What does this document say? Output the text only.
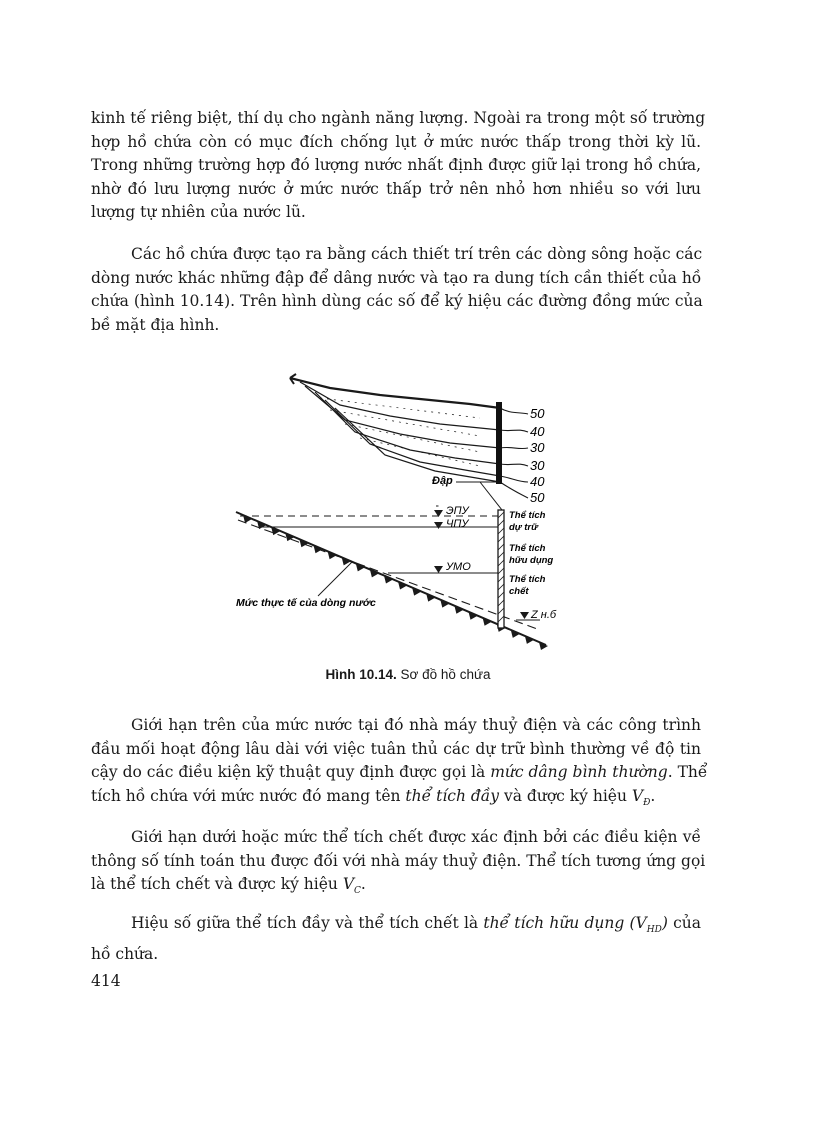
kinh tế riêng biệt, thí dụ cho ngành năng lượng. Ngoài ra trong một số trường
hợp hồ chứa còn có mục đích chống lụt ở mức nước thấp trong thời kỳ lũ.
Trong những trường hợp đó lượng nước nhất định được giữ lại trong hồ chứa,
nhờ đó lưu lượng nước ở mức nước thấp trở nên nhỏ hơn nhiều so với lưu
lượng tự nhiên của nước lũ.
Các hồ chứa được tạo ra bằng cách thiết trí trên các dòng sông hoặc các
dòng nước khác những đập để dâng nước và tạo ra dung tích cần thiết của hồ
chứa (hình 10.14). Trên hình dùng các số để ký hiệu các đường đồng mức của
bề mặt địa hình.
50
40
30
30
40
50
Đập
ЭПУ
ЧПУ
УМО
Z н.б
Thể tích
dự trữ
Thể tích
hữu dụng
Thể tích
chết
Mức thực tế của dòng nước
Hình 10.14. Sơ đồ hồ chứa
Giới hạn trên của mức nước tại đó nhà máy thuỷ điện và các công trình
đầu mối hoạt động lâu dài với việc tuân thủ các dự trữ bình thường về độ tin
cậy do các điều kiện kỹ thuật quy định được gọi là mức dâng bình thường. Thể
tích hồ chứa với mức nước đó mang tên thể tích đầy và được ký hiệu $V_Đ$.
Giới hạn dưới hoặc mức thể tích chết được xác định bởi các điều kiện về
thông số tính toán thu được đối với nhà máy thuỷ điện. Thể tích tương ứng gọi
là thể tích chết và được ký hiệu $V_C$.
Hiệu số giữa thể tích đầy và thể tích chết là thể tích hữu dụng $(V_{HD})$ của
hồ chứa.
414
